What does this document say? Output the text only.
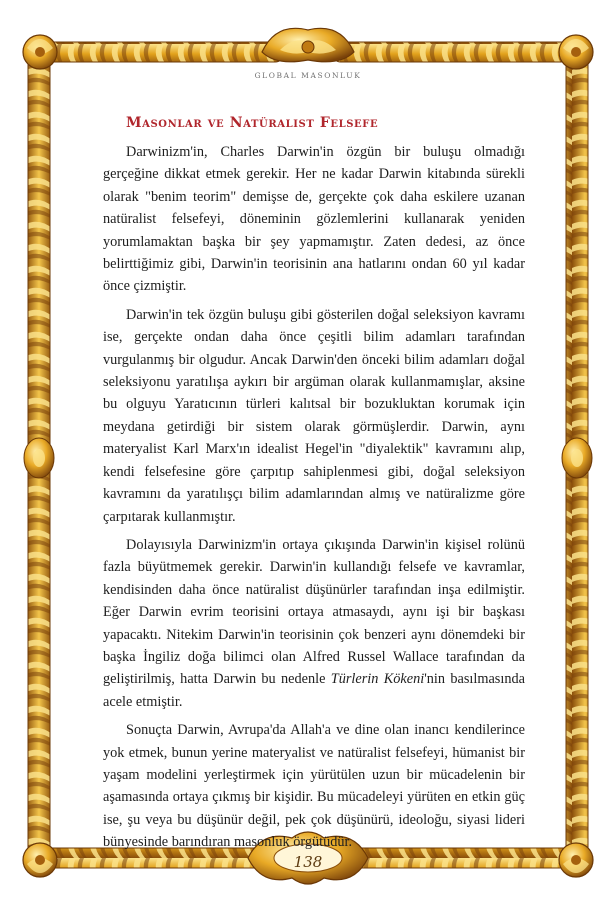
GLOBAL MASONLUK
Masonlar ve Natüralist Felsefe

Darwinizm'in, Charles Darwin'in özgün bir buluşu olmadığı gerçeğine dikkat etmek gerekir. Her ne kadar Darwin kitabında sürekli olarak "benim teorim" demişse de, gerçekte çok daha eskilere uzanan natüralist felsefeyi, döneminin gözlemlerini kullanarak yeniden yorumlamaktan başka bir şey yapmamıştır. Zaten dedesi, az önce belirttiğimiz gibi, Darwin'in teorisinin ana hatlarını ondan 60 yıl kadar önce çizmiştir.

Darwin'in tek özgün buluşu gibi gösterilen doğal seleksiyon kavramı ise, gerçekte ondan daha önce çeşitli bilim adamları tarafından vurgulanmış bir olgudur. Ancak Darwin'den önceki bilim adamları doğal seleksiyonu yaratılışa aykırı bir argüman olarak kullanmamışlar, aksine bu olguyu Yaratıcının türleri kalıtsal bir bozukluktan korumak için meydana getirdiği bir sistem olarak görmüşlerdir. Darwin, aynı materyalist Karl Marx'ın idealist Hegel'in "diyalektik" kavramını alıp, kendi felsefesine göre çarpıtıp sahiplenmesi gibi, doğal seleksiyon kavramını da yaratılışçı bilim adamlarından almış ve natüralizme göre çarpıtarak kullanmıştır.

Dolayısıyla Darwinizm'in ortaya çıkışında Darwin'in kişisel rolünü fazla büyütmemek gerekir. Darwin'in kullandığı felsefe ve kavramlar, kendisinden daha önce natüralist düşünürler tarafından inşa edilmiştir. Eğer Darwin evrim teorisini ortaya atmasaydı, aynı işi bir başkası yapacaktı. Nitekim Darwin'in teorisinin çok benzeri aynı dönemdeki bir başka İngiliz doğa bilimci olan Alfred Russel Wallace tarafından da geliştirilmiş, hatta Darwin bu nedenle Türlerin Kökeni'nin basılmasında acele etmiştir.

Sonuçta Darwin, Avrupa'da Allah'a ve dine olan inancı kendilerince yok etmek, bunun yerine materyalist ve natüralist felsefeyi, hümanist bir yaşam modelini yerleştirmek için yürütülen uzun bir mücadelenin bir aşamasında ortaya çıkmış bir kişidir. Bu mücadeleyi yürüten en etkin güç ise, şu veya bu düşünür değil, pek çok düşünürü, ideoloğu, siyasi lideri bünyesinde barındıran masonluk örgütüdür.

138
